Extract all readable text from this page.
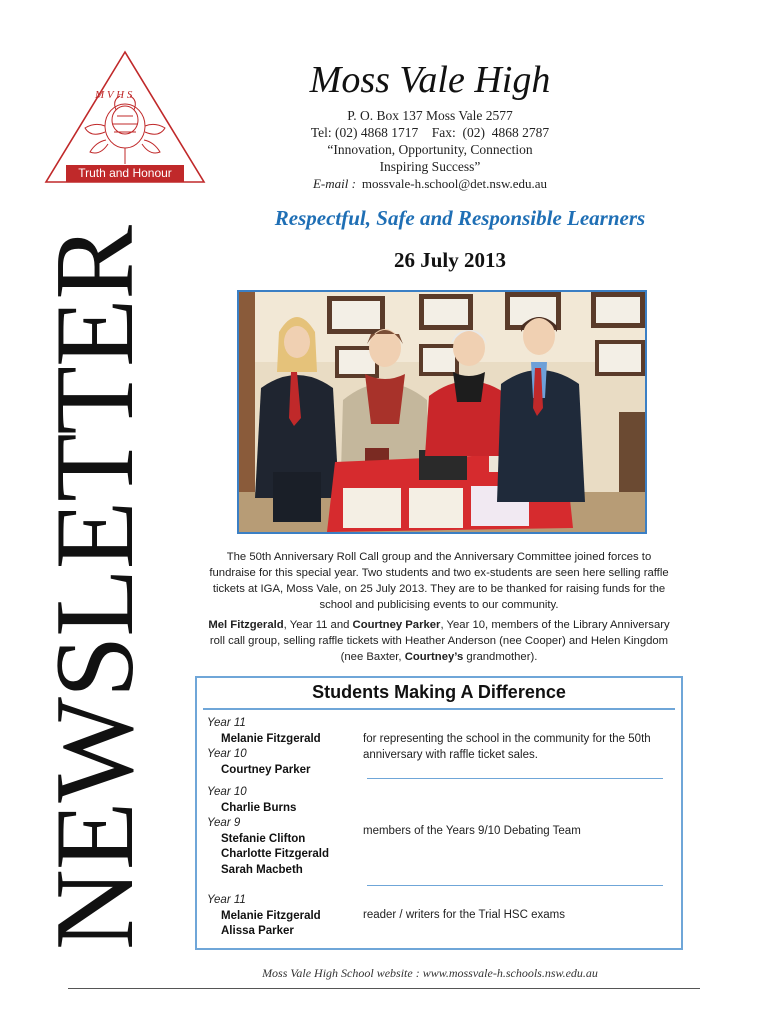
M V H S
Truth and Honour
Moss Vale High
P. O. Box 137 Moss Vale 2577
Tel: (02) 4868 1717    Fax:  (02)  4868 2787
“Innovation, Opportunity, Connection
Inspiring Success”
E-mail : mossvale-h.school@det.nsw.edu.au
Respectful, Safe and Responsible Learners
26 July 2013
NEWSLETTER	The 50th Anniversary Roll Call group and the Anniversary Committee joined forces to
fundraise for this special year. Two students and two ex-students are seen here selling raffle
tickets at IGA, Moss Vale, on 25 July 2013. They are to be thanked for raising funds for the
school and publicising events to our community.
Mel Fitzgerald, Year 11 and Courtney Parker, Year 10, members of the Library Anniversary
roll call group, selling raffle tickets with Heather Anderson (nee Cooper) and Helen Kingdom
(nee Baxter, Courtney’s grandmother).
Students Making A Difference
Year 11
Melanie Fitzgerald
Year 10
Courtney Parker
for representing the school in the community for the 50th
anniversary with raffle ticket sales.
Year 10
Charlie Burns
Year 9
Stefanie Clifton
Charlotte Fitzgerald
Sarah Macbeth
members of the Years 9/10 Debating Team
Year 11
Melanie Fitzgerald
Alissa Parker
reader / writers for the Trial HSC exams
Moss Vale High School website : www.mossvale-h.schools.nsw.edu.au
